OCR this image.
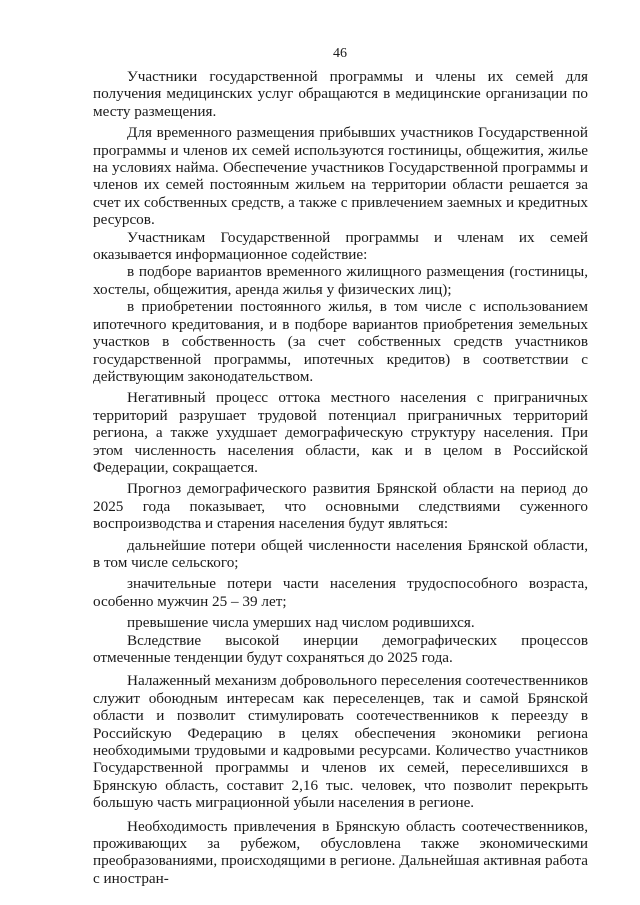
46

Участники государственной программы и члены их семей для получения медицинских услуг обращаются в медицинские организации по месту размещения.

Для временного размещения прибывших участников Государственной программы и членов их семей используются гостиницы, общежития, жилье на условиях найма. Обеспечение участников Государственной программы и членов их семей постоянным жильем на территории области решается за счет их собственных средств, а также с привлечением заемных и кредитных ресурсов.

Участникам Государственной программы и членам их семей оказывается информационное содействие:

в подборе вариантов временного жилищного размещения (гостиницы, хостелы, общежития, аренда жилья у физических лиц);

в приобретении постоянного жилья, в том числе с использованием ипотечного кредитования, и в подборе вариантов приобретения земельных участков в собственность (за счет собственных средств участников государственной программы, ипотечных кредитов) в соответствии с действующим законодательством.

Негативный процесс оттока местного населения с приграничных территорий разрушает трудовой потенциал приграничных территорий региона, а также ухудшает демографическую структуру населения. При этом численность населения области, как и в целом в Российской Федерации, сокращается.

Прогноз демографического развития Брянской области на период до 2025 года показывает, что основными следствиями суженного воспроизводства и старения населения будут являться:

дальнейшие потери общей численности населения Брянской области, в том числе сельского;

значительные потери части населения трудоспособного возраста, особенно мужчин 25 – 39 лет;

превышение числа умерших над числом родившихся.

Вследствие высокой инерции демографических процессов отмеченные тенденции будут сохраняться до 2025 года.

Налаженный механизм добровольного переселения соотечественников служит обоюдным интересам как переселенцев, так и самой Брянской области и позволит стимулировать соотечественников к переезду в Российскую Федерацию в целях обеспечения экономики региона необходимыми трудовыми и кадровыми ресурсами. Количество участников Государственной программы и членов их семей, переселившихся в Брянскую область, составит 2,16 тыс. человек, что позволит перекрыть большую часть миграционной убыли населения в регионе.

Необходимость привлечения в Брянскую область соотечественников, проживающих за рубежом, обусловлена также экономическими преобразованиями, происходящими в регионе. Дальнейшая активная работа с иностран-
